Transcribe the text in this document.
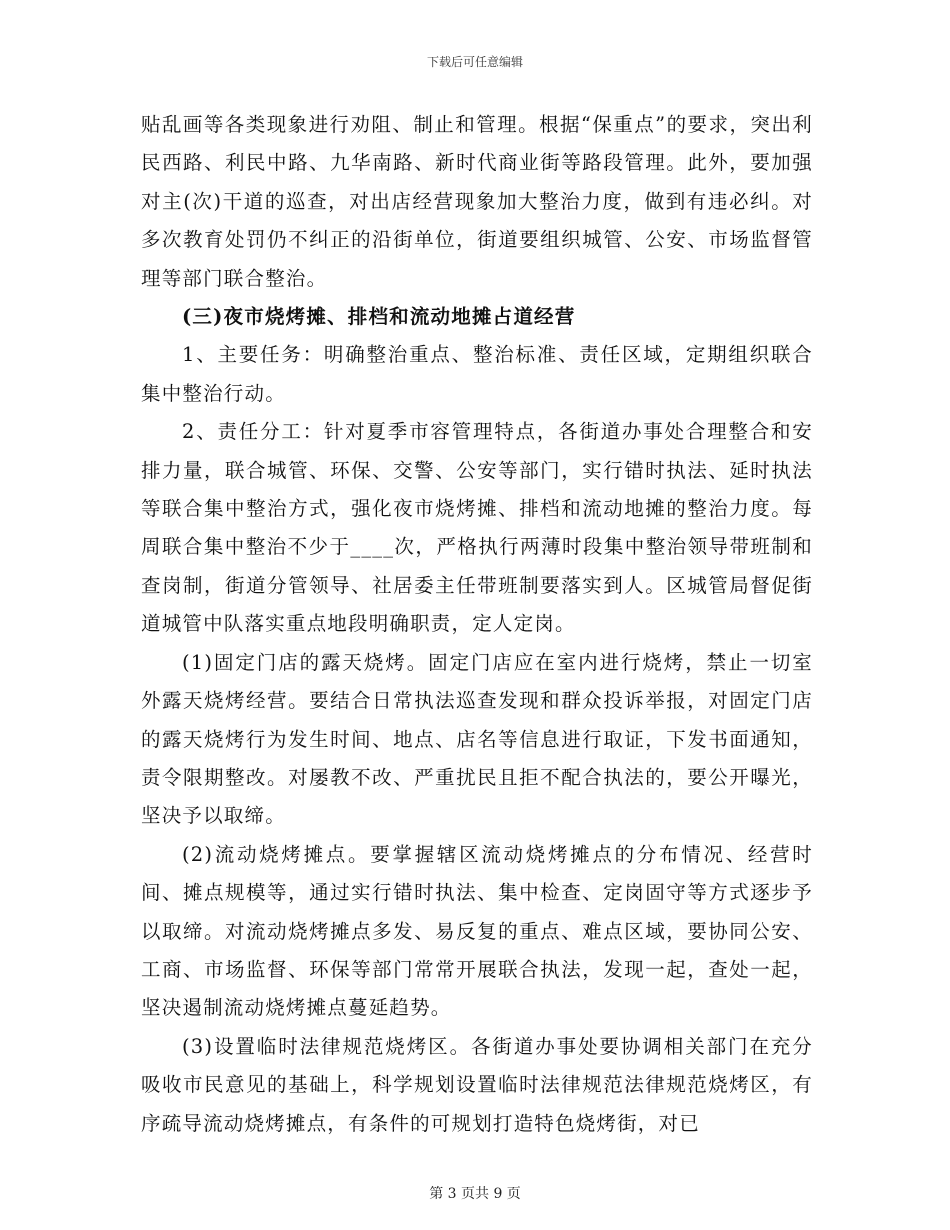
下载后可任意编辑

贴乱画等各类现象进行劝阻、制止和管理。根据“保重点”的要求，突出利民西路、利民中路、九华南路、新时代商业街等路段管理。此外，要加强对主(次)干道的巡查，对出店经营现象加大整治力度，做到有违必纠。对多次教育处罚仍不纠正的沿街单位，街道要组织城管、公安、市场监督管理等部门联合整治。

(三)夜市烧烤摊、排档和流动地摊占道经营

1、主要任务：明确整治重点、整治标准、责任区域，定期组织联合集中整治行动。

2、责任分工：针对夏季市容管理特点，各街道办事处合理整合和安排力量，联合城管、环保、交警、公安等部门，实行错时执法、延时执法等联合集中整治方式，强化夜市烧烤摊、排档和流动地摊的整治力度。每周联合集中整治不少于____次，严格执行两薄时段集中整治领导带班制和查岗制，街道分管领导、社居委主任带班制要落实到人。区城管局督促街道城管中队落实重点地段明确职责，定人定岗。

(1)固定门店的露天烧烤。固定门店应在室内进行烧烤，禁止一切室外露天烧烤经营。要结合日常执法巡查发现和群众投诉举报，对固定门店的露天烧烤行为发生时间、地点、店名等信息进行取证，下发书面通知，责令限期整改。对屡教不改、严重扰民且拒不配合执法的，要公开曝光，坚决予以取缔。

(2)流动烧烤摊点。要掌握辖区流动烧烤摊点的分布情况、经营时间、摊点规模等，通过实行错时执法、集中检查、定岗固守等方式逐步予以取缔。对流动烧烤摊点多发、易反复的重点、难点区域，要协同公安、工商、市场监督、环保等部门常常开展联合执法，发现一起，查处一起，坚决遏制流动烧烤摊点蔓延趋势。

(3)设置临时法律规范烧烤区。各街道办事处要协调相关部门在充分吸收市民意见的基础上，科学规划设置临时法律规范法律规范烧烤区，有序疏导流动烧烤摊点，有条件的可规划打造特色烧烤街，对已

第 3 页共 9 页
